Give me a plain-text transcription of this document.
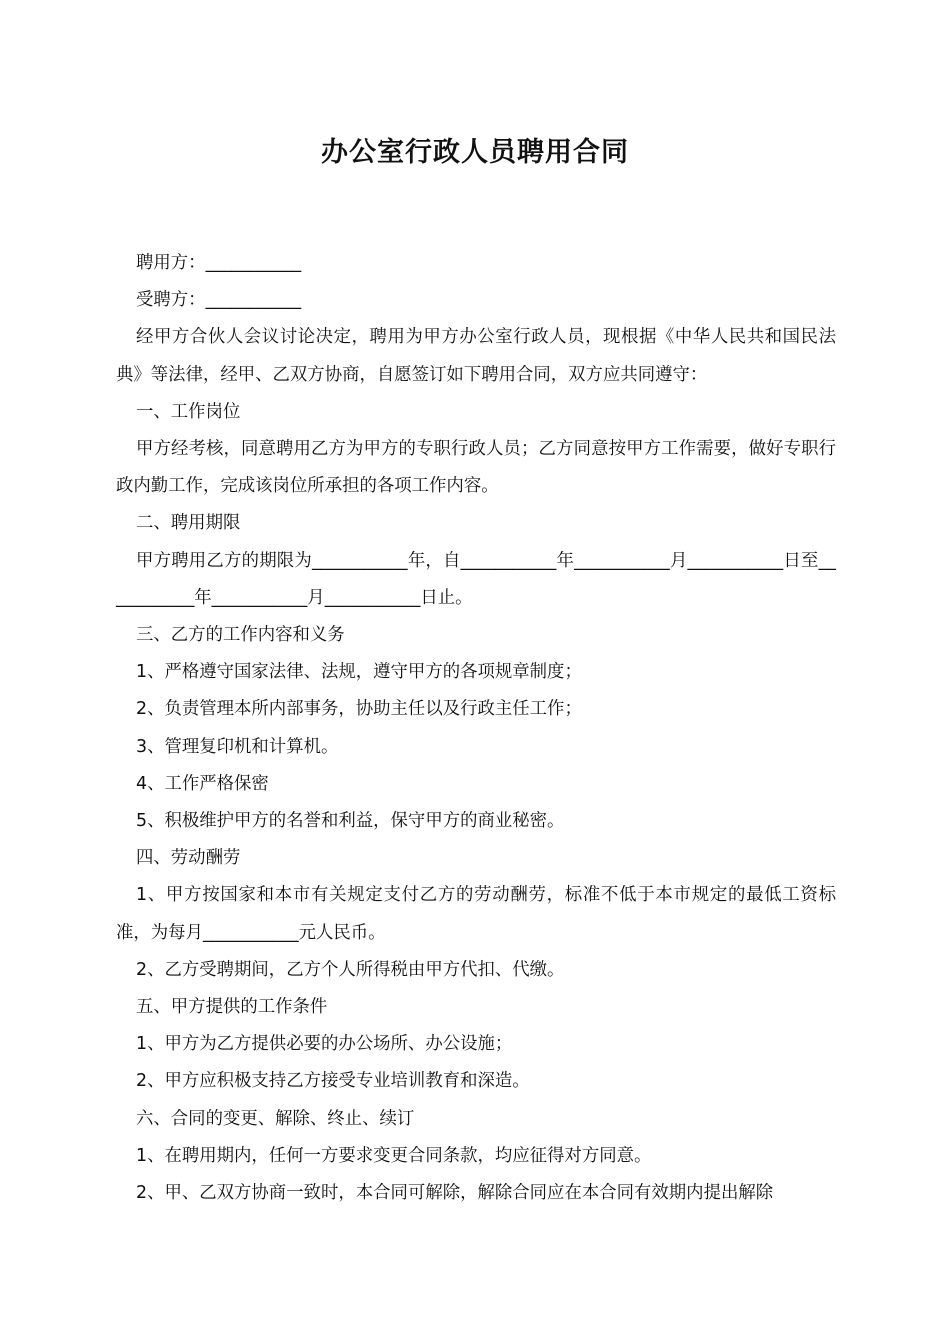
办公室行政人员聘用合同

聘用方：___________

受聘方：___________

经甲方合伙人会议讨论决定，聘用为甲方办公室行政人员，现根据《中华人民共和国民法典》等法律，经甲、乙双方协商，自愿签订如下聘用合同，双方应共同遵守：

一、工作岗位

甲方经考核，同意聘用乙方为甲方的专职行政人员；乙方同意按甲方工作需要，做好专职行政内勤工作，完成该岗位所承担的各项工作内容。

二、聘用期限

甲方聘用乙方的期限为___________年，自___________年___________月___________日至___________年___________月___________日止。

三、乙方的工作内容和义务

1、严格遵守国家法律、法规，遵守甲方的各项规章制度；

2、负责管理本所内部事务，协助主任以及行政主任工作；

3、管理复印机和计算机。

4、工作严格保密

5、积极维护甲方的名誉和利益，保守甲方的商业秘密。

四、劳动酬劳

1、甲方按国家和本市有关规定支付乙方的劳动酬劳，标准不低于本市规定的最低工资标准，为每月___________元人民币。

2、乙方受聘期间，乙方个人所得税由甲方代扣、代缴。

五、甲方提供的工作条件

1、甲方为乙方提供必要的办公场所、办公设施；

2、甲方应积极支持乙方接受专业培训教育和深造。

六、合同的变更、解除、终止、续订

1、在聘用期内，任何一方要求变更合同条款，均应征得对方同意。

2、甲、乙双方协商一致时，本合同可解除，解除合同应在本合同有效期内提出解除
